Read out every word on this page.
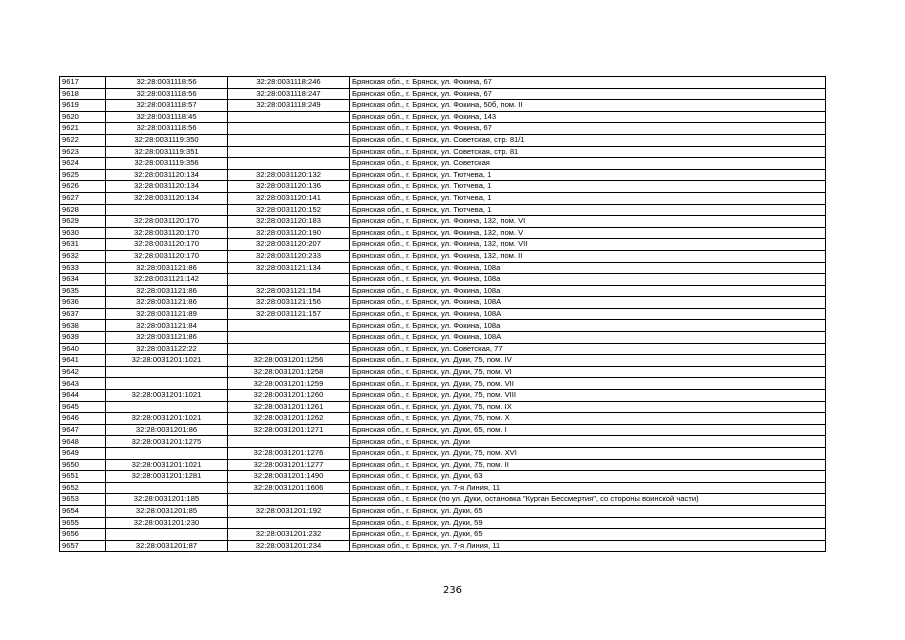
9617	32:28:0031118:56	32:28:0031118:246	Брянская обл., г. Брянск, ул. Фокина, 67
9618	32:28:0031118:56	32:28:0031118:247	Брянская обл., г. Брянск, ул. Фокина, 67
9619	32:28:0031118:57	32:28:0031118:249	Брянская обл., г. Брянск, ул. Фокина, 50б, пом. II
9620	32:28:0031118:45		Брянская обл., г. Брянск, ул. Фокина, 143
9621	32:28:0031118:56		Брянская обл., г. Брянск, ул. Фокина, 67
9622	32:28:0031119:350		Брянская обл., г. Брянск, ул. Советская, стр. 81/1
9623	32:28:0031119:351		Брянская обл., г. Брянск, ул. Советская, стр. 81
9624	32:28:0031119:356		Брянская обл., г. Брянск, ул. Советская
9625	32:28:0031120:134	32:28:0031120:132	Брянская обл., г. Брянск, ул. Тютчева, 1
9626	32:28:0031120:134	32:28:0031120:136	Брянская обл., г. Брянск, ул. Тютчева, 1
9627	32:28:0031120:134	32:28:0031120:141	Брянская обл., г. Брянск, ул. Тютчева, 1
9628		32:28:0031120:152	Брянская обл., г. Брянск, ул. Тютчева, 1
9629	32:28:0031120:170	32:28:0031120:183	Брянская обл., г. Брянск, ул. Фокина, 132, пом. VI
9630	32:28:0031120:170	32:28:0031120:190	Брянская обл., г. Брянск, ул. Фокина, 132, пом. V
9631	32:28:0031120:170	32:28:0031120:207	Брянская обл., г. Брянск, ул. Фокина, 132, пом. VII
9632	32:28:0031120:170	32:28:0031120:233	Брянская обл., г. Брянск, ул. Фокина, 132, пом. II
9633	32:28:0031121:86	32:28:0031121:134	Брянская обл., г. Брянск, ул. Фокина, 108а
9634	32:28:0031121:142		Брянская обл., г. Брянск, ул. Фокина, 108а
9635	32:28:0031121:86	32:28:0031121:154	Брянская обл., г. Брянск, ул. Фокина, 108а
9636	32:28:0031121:86	32:28:0031121:156	Брянская обл., г. Брянск, ул. Фокина, 108А
9637	32:28:0031121:89	32:28:0031121:157	Брянская обл., г. Брянск, ул. Фокина, 108А
9638	32:28:0031121:84		Брянская обл., г. Брянск, ул. Фокина, 108а
9639	32:28:0031121:86		Брянская обл., г. Брянск, ул. Фокина, 108А
9640	32:28:0031122:22		Брянская обл., г. Брянск, ул. Советская, 77
9641	32:28:0031201:1021	32:28:0031201:1256	Брянская обл., г. Брянск, ул. Дуки, 75, пом. IV
9642		32:28:0031201:1258	Брянская обл., г. Брянск, ул. Дуки, 75, пом. VI
9643		32:28:0031201:1259	Брянская обл., г. Брянск, ул. Дуки, 75, пом. VII
9644	32:28:0031201:1021	32:28:0031201:1260	Брянская обл., г. Брянск, ул. Дуки, 75, пом. VIII
9645		32:28:0031201:1261	Брянская обл., г. Брянск, ул. Дуки, 75, пом. IX
9646	32:28:0031201:1021	32:28:0031201:1262	Брянская обл., г. Брянск, ул. Дуки, 75, пом. X
9647	32:28:0031201:86	32:28:0031201:1271	Брянская обл., г. Брянск, ул. Дуки, 65, пом. I
9648	32:28:0031201:1275		Брянская обл., г. Брянск, ул. Дуки
9649		32:28:0031201:1276	Брянская обл., г. Брянск, ул. Дуки, 75, пом. XVI
9650	32:28:0031201:1021	32:28:0031201:1277	Брянская обл., г. Брянск, ул. Дуки, 75, пом. II
9651	32:28:0031201:1281	32:28:0031201:1490	Брянская обл., г. Брянск, ул. Дуки, 63
9652		32:28:0031201:1606	Брянская обл., г. Брянск, ул. 7-я Линия, 11
9653	32:28:0031201:185		Брянская обл., г. Брянск (по ул. Дуки, остановка "Курган Бессмертия", со стороны воинской части)
9654	32:28:0031201:85	32:28:0031201:192	Брянская обл., г. Брянск, ул. Дуки, 65
9655	32:28:0031201:230		Брянская обл., г. Брянск, ул. Дуки, 59
9656		32:28:0031201:232	Брянская обл., г. Брянск, ул. Дуки, 65
9657	32:28:0031201:87	32:28:0031201:234	Брянская обл., г. Брянск, ул. 7-я Линия, 11
236
